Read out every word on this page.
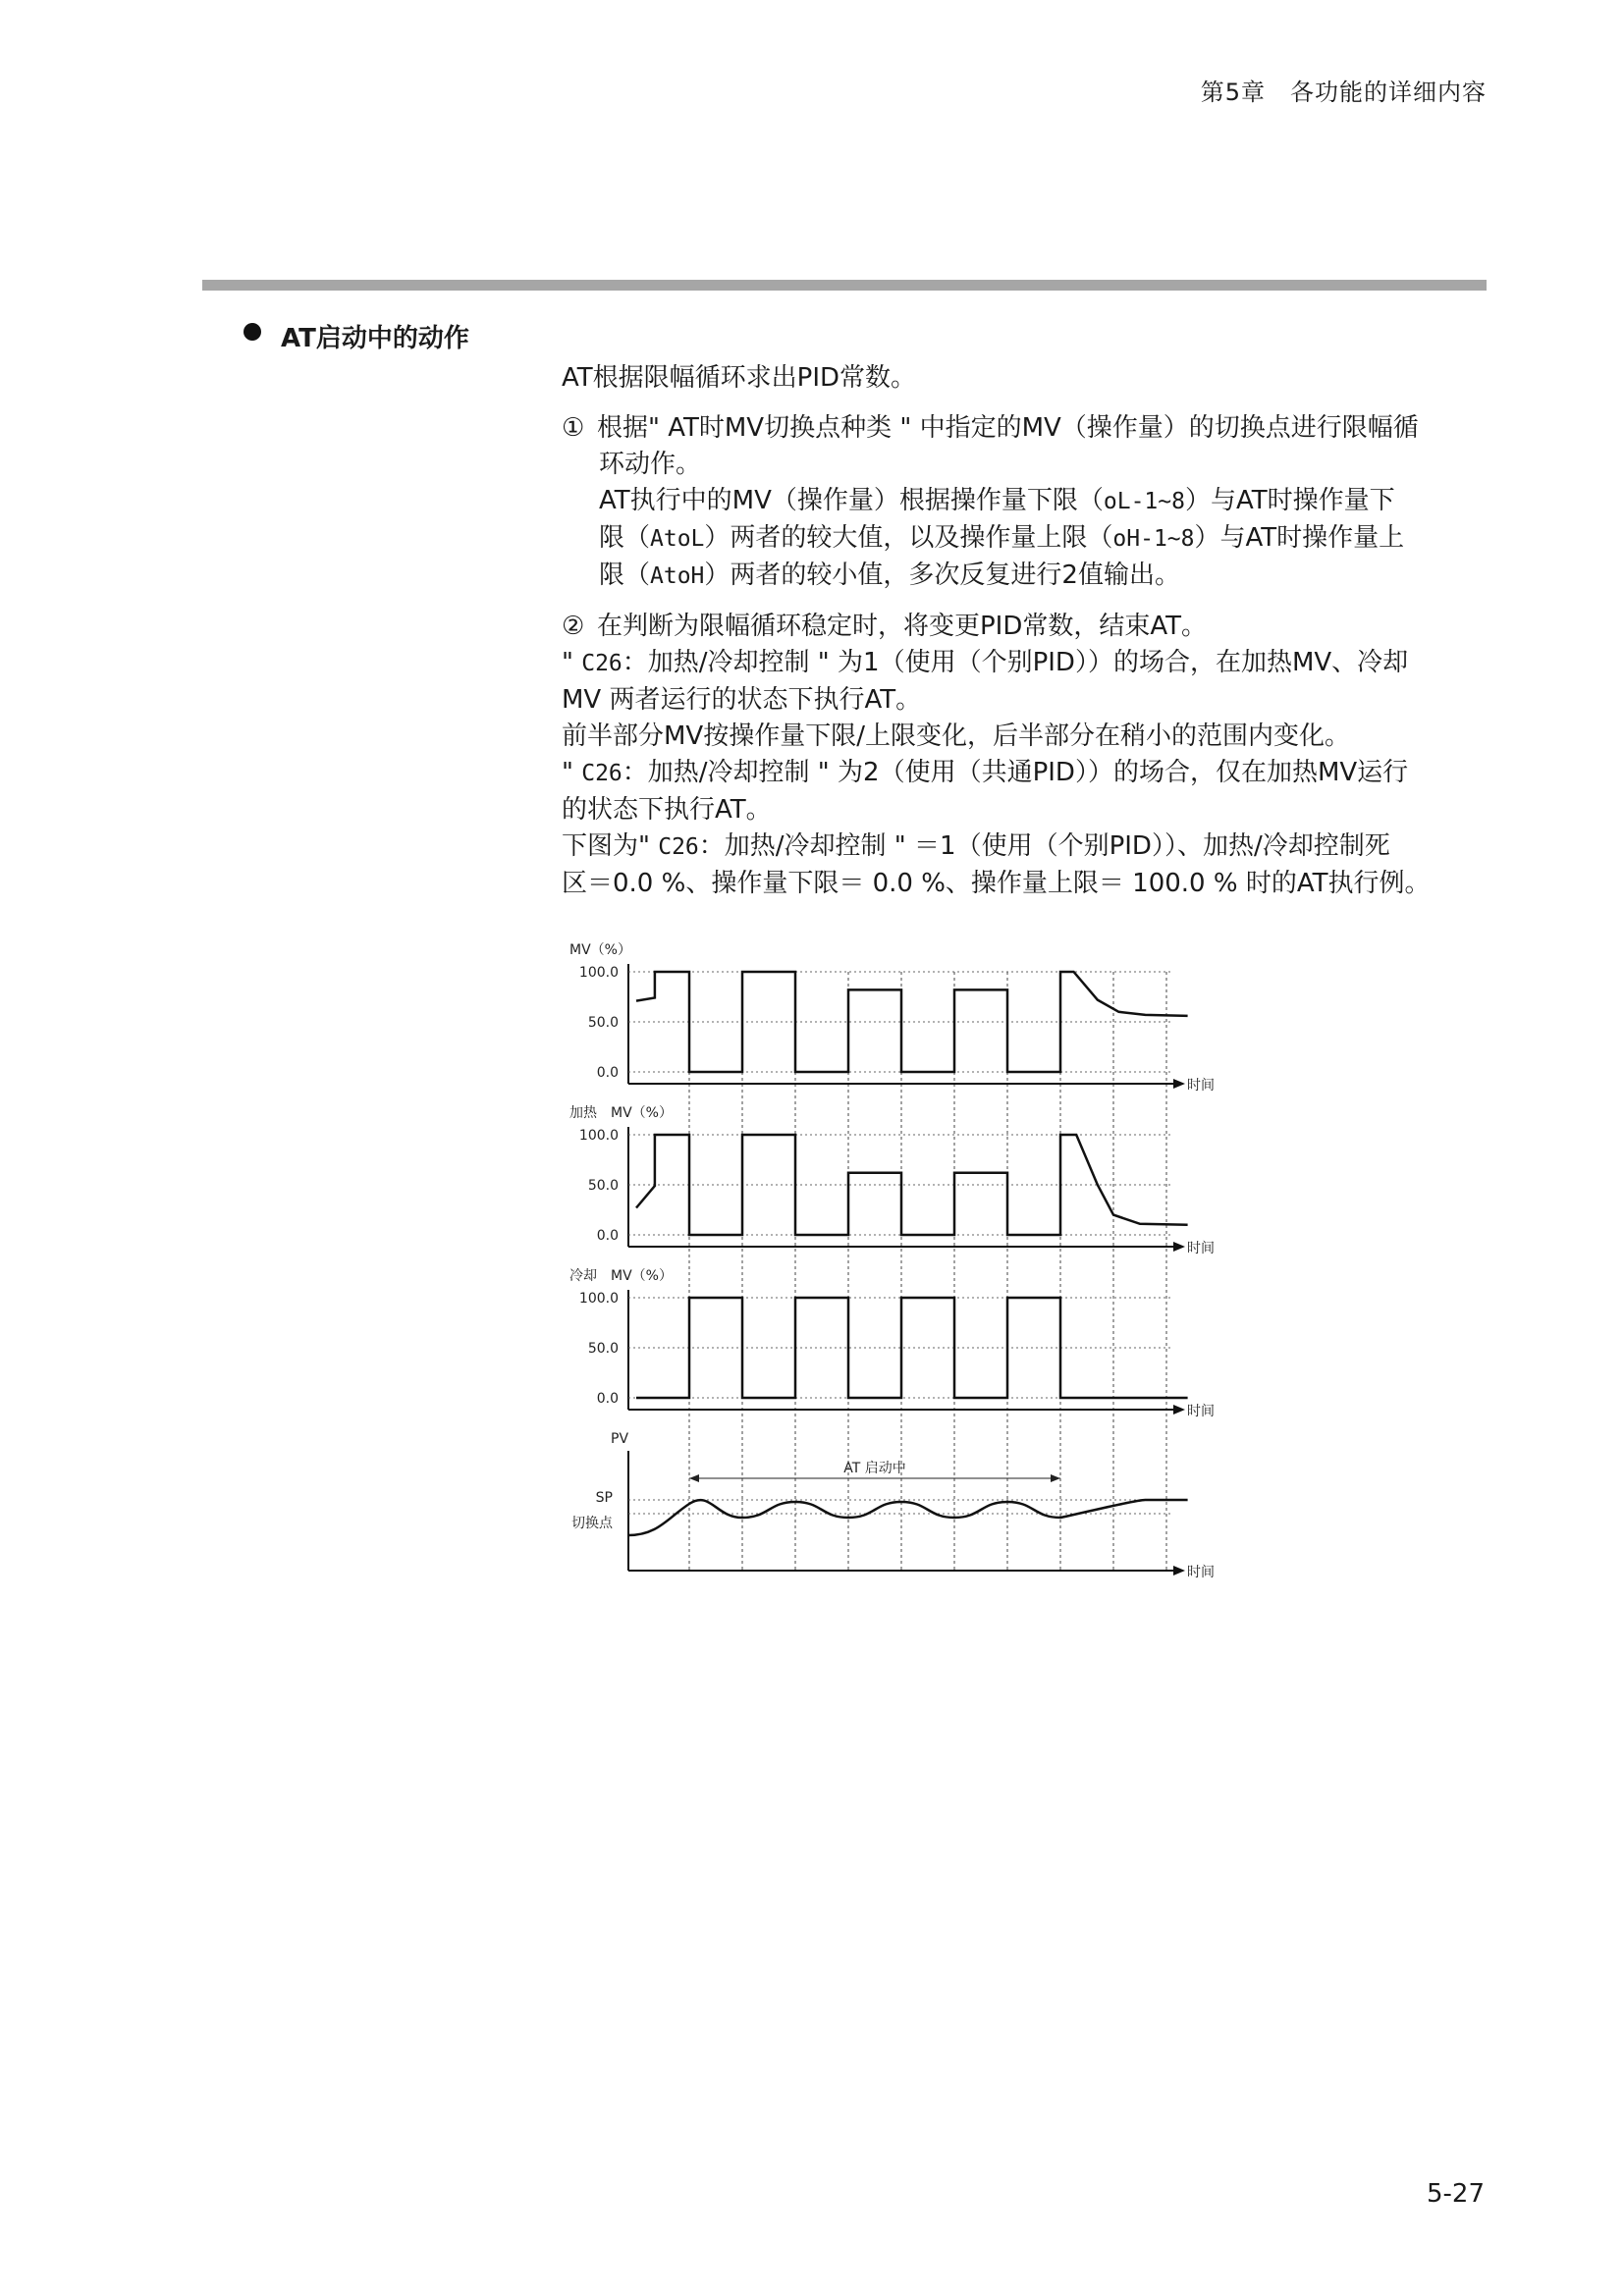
第5章　各功能的详细内容
AT启动中的动作

AT根据限幅循环求出PID常数。

① 根据" AT时MV切换点种类 " 中指定的MV（操作量）的切换点进行限幅循

环动作。

AT执行中的MV（操作量）根据操作量下限（oL-1~8）与AT时操作量下

限（AtoL）两者的较大值，以及操作量上限（oH-1~8）与AT时操作量上

限（AtoH）两者的较小值，多次反复进行2值输出。

② 在判断为限幅循环稳定时，将变更PID常数，结束AT。

" C26：加热/冷却控制 " 为1（使用（个别PID））的场合，在加热MV、冷却

MV 两者运行的状态下执行AT。

前半部分MV按操作量下限/上限变化，后半部分在稍小的范围内变化。

" C26：加热/冷却控制 " 为2（使用（共通PID））的场合，仅在加热MV运行

的状态下执行AT。

下图为" C26：加热/冷却控制 " ＝1（使用（个别PID））、加热/冷却控制死

区＝0.0 %、操作量下限＝ 0.0 %、操作量上限＝ 100.0 % 时的AT执行例。

MV（%）
时间
100.0
50.0
0.0
加热　MV（%）
时间
100.0
50.0
0.0
冷却　MV（%）
时间
100.0
50.0
0.0
PV
时间
SP
切换点
AT 启动中
5-27
